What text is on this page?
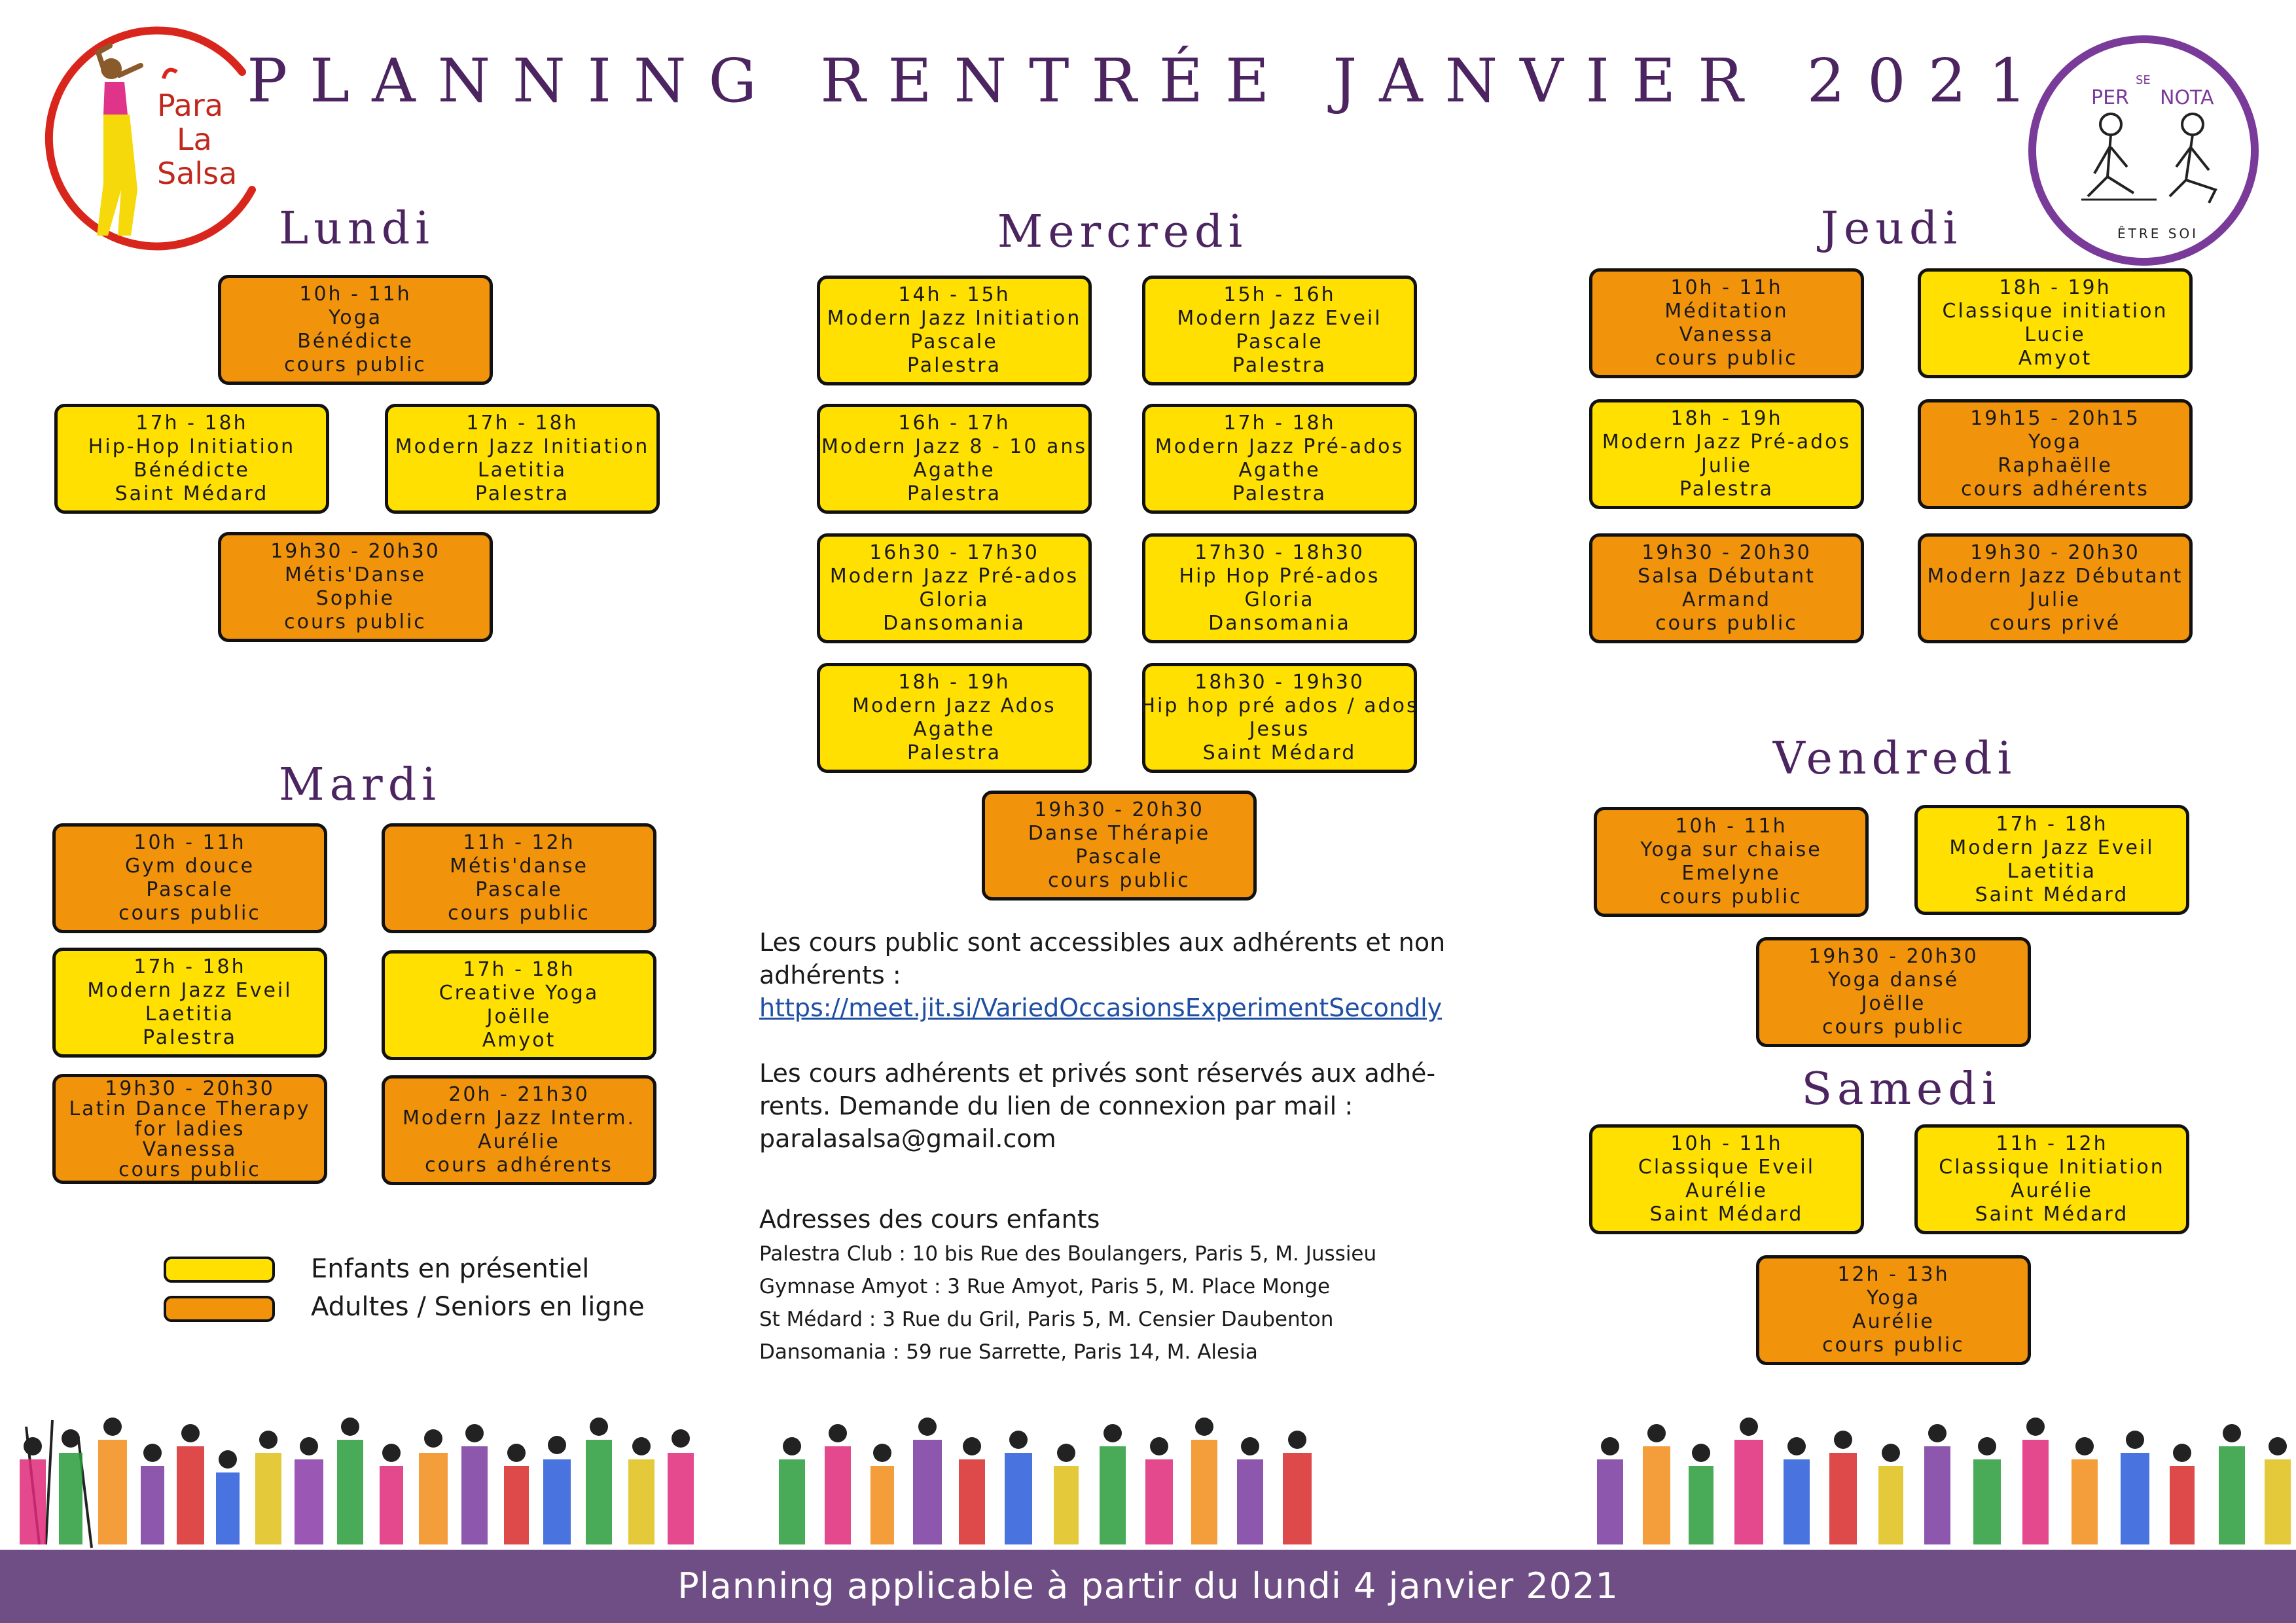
PLANNING RENTRÉE JANVIER 2021
Para
La
Salsa
PER
SE
NOTA
ÊTRE SOI
Lundi
Mardi
Mercredi	Jeudi
Vendredi
Samedi
10h - 11h
Yoga
Bénédicte
cours public
17h - 18h
Hip-Hop Initiation
Bénédicte
Saint Médard
17h - 18h
Modern Jazz Initiation
Laetitia
Palestra
19h30 - 20h30
Métis'Danse
Sophie
cours public
10h - 11h
Gym douce
Pascale
cours public
11h - 12h
Métis'danse
Pascale
cours public
17h - 18h
Modern Jazz Eveil
Laetitia
Palestra
17h - 18h
Creative Yoga
Joëlle
Amyot
19h30 - 20h30
Latin Dance Therapy
for ladies
Vanessa
cours public
20h - 21h30
Modern Jazz Interm.
Aurélie
cours adhérents
14h - 15h
Modern Jazz Initiation
Pascale
Palestra
15h - 16h
Modern Jazz Eveil
Pascale
Palestra
16h - 17h
Modern Jazz 8 - 10 ans
Agathe
Palestra
17h - 18h
Modern Jazz Pré-ados
Agathe
Palestra
16h30 - 17h30
Modern Jazz Pré-ados
Gloria
Dansomania
17h30 - 18h30
Hip Hop Pré-ados
Gloria
Dansomania
18h - 19h
Modern Jazz Ados
Agathe
Palestra
18h30 - 19h30
Hip hop pré ados / ados
Jesus
Saint Médard
19h30 - 20h30
Danse Thérapie
Pascale
cours public
10h - 11h
Méditation
Vanessa
cours public
18h - 19h
Classique initiation
Lucie
Amyot
18h - 19h
Modern Jazz Pré-ados
Julie
Palestra
19h15 - 20h15
Yoga
Raphaëlle
cours adhérents
19h30 - 20h30
Salsa Débutant
Armand
cours public
19h30 - 20h30
Modern Jazz Débutant
Julie
cours privé
10h - 11h
Yoga sur chaise
Emelyne
cours public
17h - 18h
Modern Jazz Eveil
Laetitia
Saint Médard
19h30 - 20h30
Yoga dansé
Joëlle
cours public
10h - 11h
Classique Eveil
Aurélie
Saint Médard
11h - 12h
Classique Initiation
Aurélie
Saint Médard
12h - 13h
Yoga
Aurélie
cours public
Les cours public sont accessibles aux adhérents et non adhérents :
https://meet.jit.si/VariedOccasionsExperimentSecondly
Les cours adhérents et privés sont réservés aux adhé-rents. Demande du lien de connexion par mail :
paralasalsa@gmail.com
Adresses des cours enfants
Palestra Club : 10 bis Rue des Boulangers, Paris 5, M. Jussieu
Gymnase Amyot : 3 Rue Amyot, Paris 5, M. Place Monge
St Médard : 3 Rue du Gril, Paris 5, M. Censier Daubenton
Dansomania : 59 rue Sarrette, Paris 14, M. Alesia
Enfants en présentiel
Adultes / Seniors en ligne
Planning applicable à partir du lundi 4 janvier 2021
